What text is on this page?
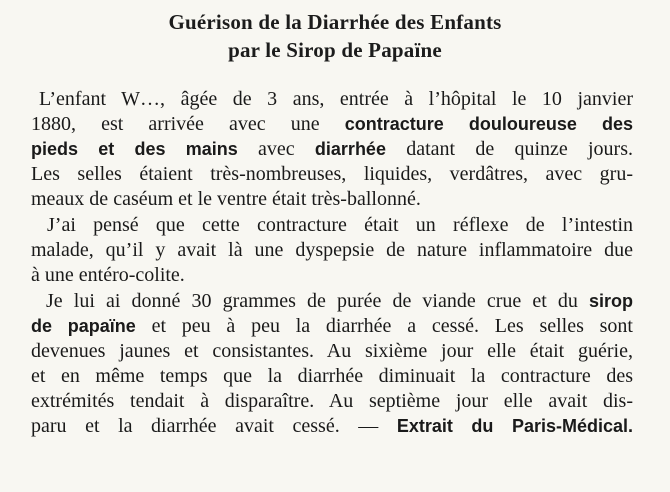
Guérison de la Diarrhée des Enfants
par le Sirop de Papaïne
L’enfant W…, âgée de 3 ans, entrée à l’hôpital le 10 janvier
1880, est arrivée avec une contracture douloureuse des
pieds et des mains avec diarrhée datant de quinze jours.
Les selles étaient très-nombreuses, liquides, verdâtres, avec gru-
meaux de caséum et le ventre était très-ballonné.
J’ai pensé que cette contracture était un réflexe de l’intestin
malade, qu’il y avait là une dyspepsie de nature inflammatoire due
à une entéro-colite.
Je lui ai donné 30 grammes de purée de viande crue et du sirop
de papaïne et peu à peu la diarrhée a cessé. Les selles sont
devenues jaunes et consistantes. Au sixième jour elle était guérie,
et en même temps que la diarrhée diminuait la contracture des
extrémités tendait à disparaître. Au septième jour elle avait dis-
paru et la diarrhée avait cessé. — Extrait du Paris-Médical.
